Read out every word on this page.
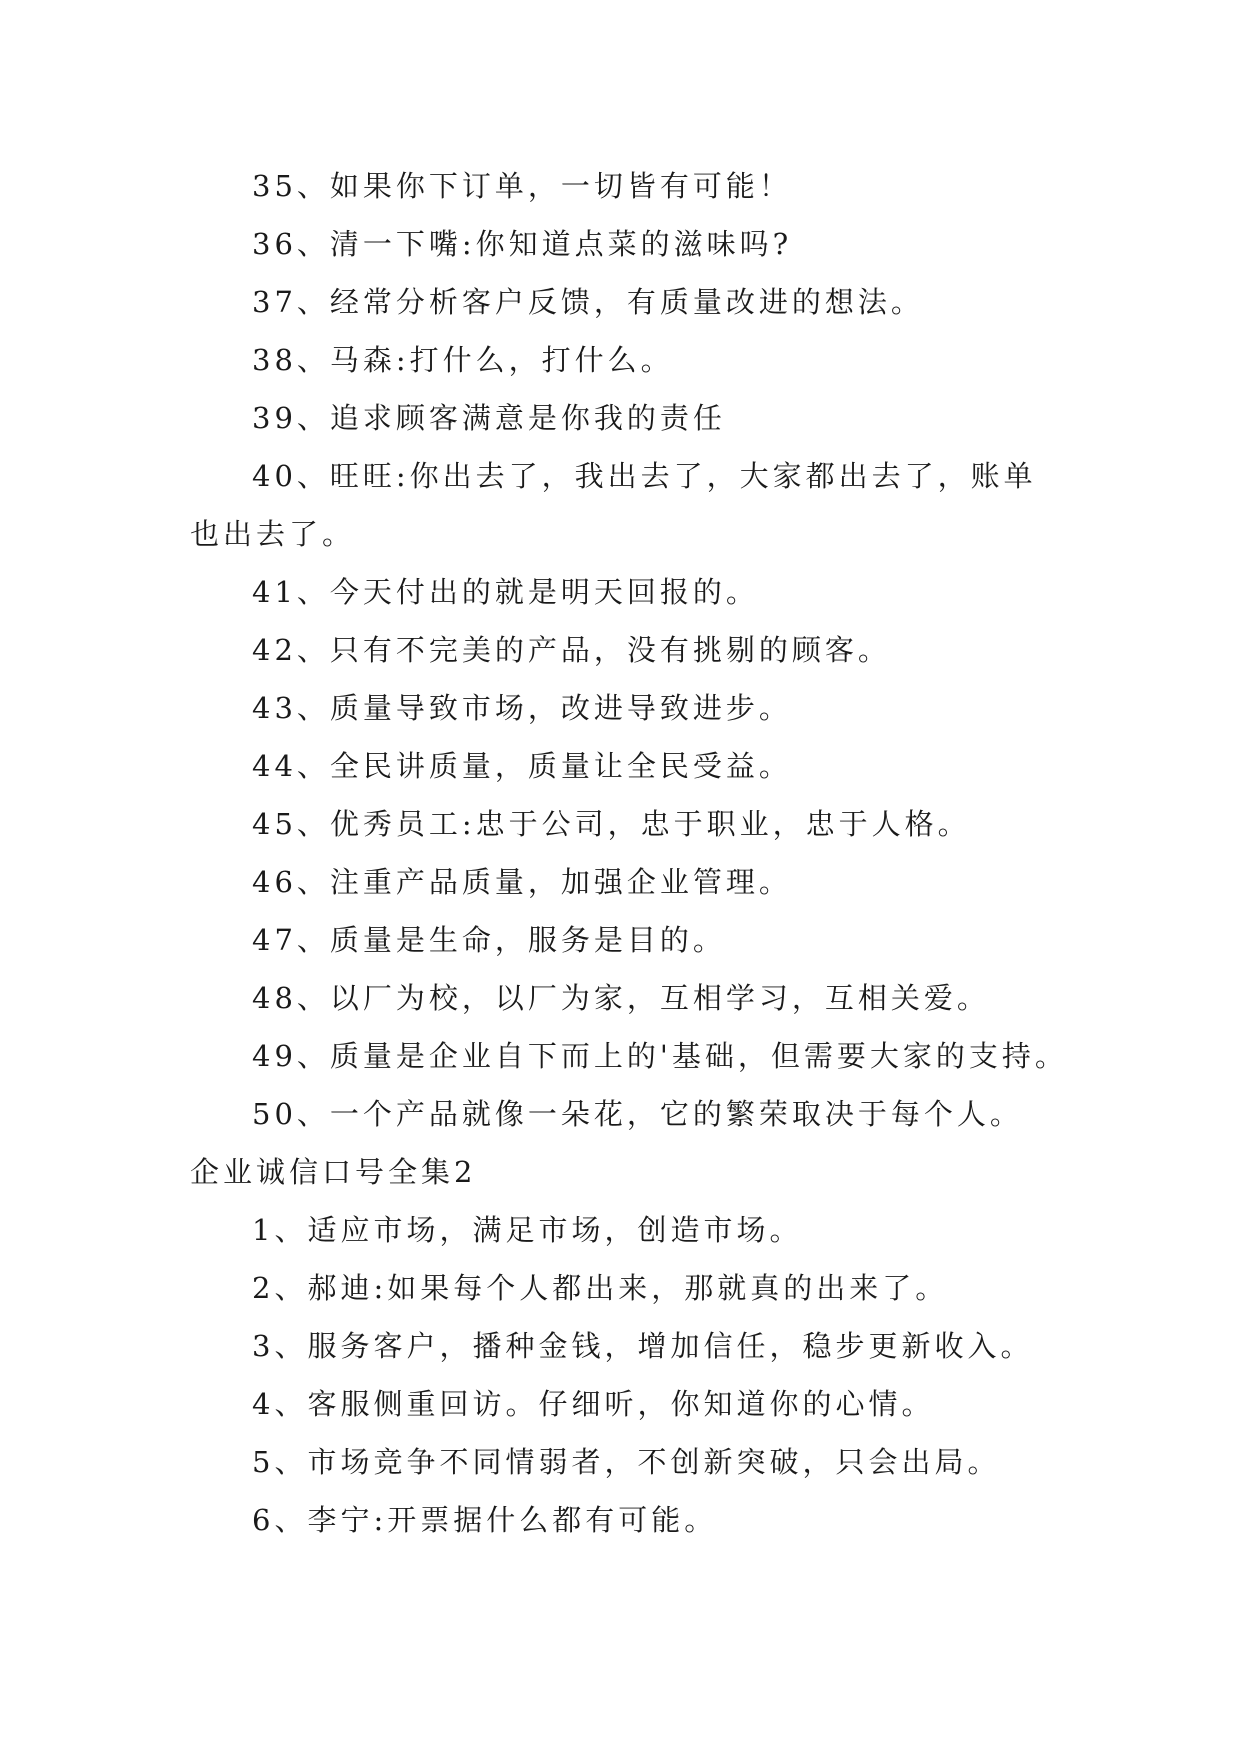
35、如果你下订单，一切皆有可能！
36、清一下嘴:你知道点菜的滋味吗?
37、经常分析客户反馈，有质量改进的想法。
38、马森:打什么，打什么。
39、追求顾客满意是你我的责任
40、旺旺:你出去了，我出去了，大家都出去了，账单
也出去了。
41、今天付出的就是明天回报的。
42、只有不完美的产品，没有挑剔的顾客。
43、质量导致市场，改进导致进步。
44、全民讲质量，质量让全民受益。
45、优秀员工:忠于公司，忠于职业，忠于人格。
46、注重产品质量，加强企业管理。
47、质量是生命，服务是目的。
48、以厂为校，以厂为家，互相学习，互相关爱。
49、质量是企业自下而上的'基础，但需要大家的支持。
50、一个产品就像一朵花，它的繁荣取决于每个人。
企业诚信口号全集2
1、适应市场，满足市场，创造市场。
2、郝迪:如果每个人都出来，那就真的出来了。
3、服务客户，播种金钱，增加信任，稳步更新收入。
4、客服侧重回访。仔细听，你知道你的心情。
5、市场竞争不同情弱者，不创新突破，只会出局。
6、李宁:开票据什么都有可能。
